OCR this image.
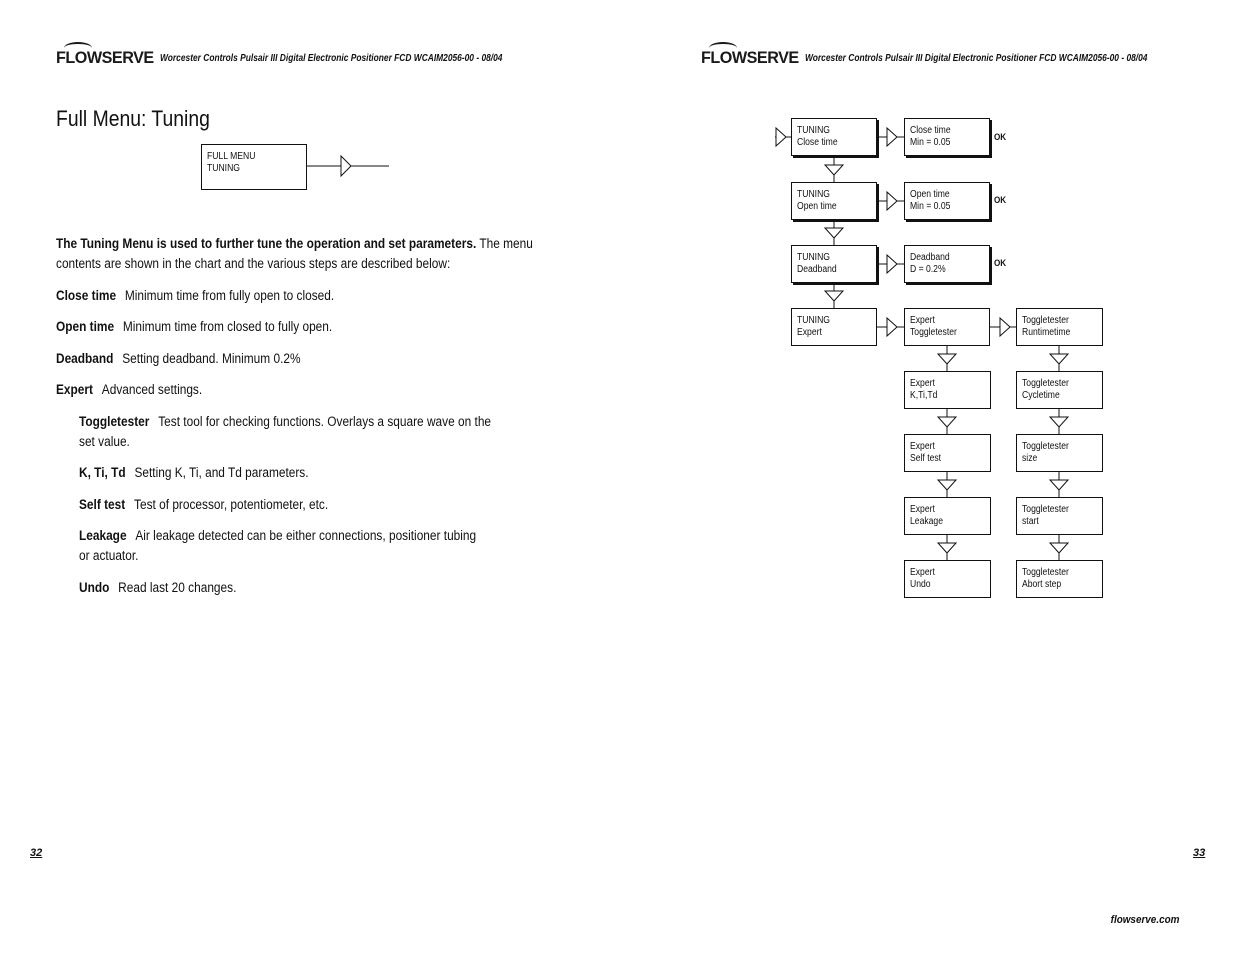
FLOWSERVE Worcester Controls Pulsair III Digital Electronic Positioner FCD WCAIM2056-00 - 08/04
Full Menu: Tuning
FULL MENU
TUNING
The Tuning Menu is used to further tune the operation and set parameters. The menu
contents are shown in the chart and the various steps are described below:
Close time Minimum time from fully open to closed.
Open time Minimum time from closed to fully open.
Deadband Setting deadband. Minimum 0.2%
Expert Advanced settings.
Toggletester Test tool for checking functions. Overlays a square wave on the
set value.
K, Ti, Td Setting K, Ti, and Td parameters.
Self test Test of processor, potentiometer, etc.
Leakage Air leakage detected can be either connections, positioner tubing
or actuator.
Undo Read last 20 changes.
32
FLOWSERVE Worcester Controls Pulsair III Digital Electronic Positioner FCD WCAIM2056-00 - 08/04
TUNING
Close time
TUNING
Open time
TUNING
Deadband
TUNING
Expert
Close time
Min = 0.05	OK
Open time
Min = 0.05
OK
Deadband
D = 0.2%
OK
Expert
Toggletester
Expert
K,Ti,Td
Expert
Self test
Expert
Leakage
Expert
Undo
Toggletester
Runtimetime
Toggletester
Cycletime
Toggletester
size
Toggletester
start
Toggletester
Abort step
33
flowserve.com
